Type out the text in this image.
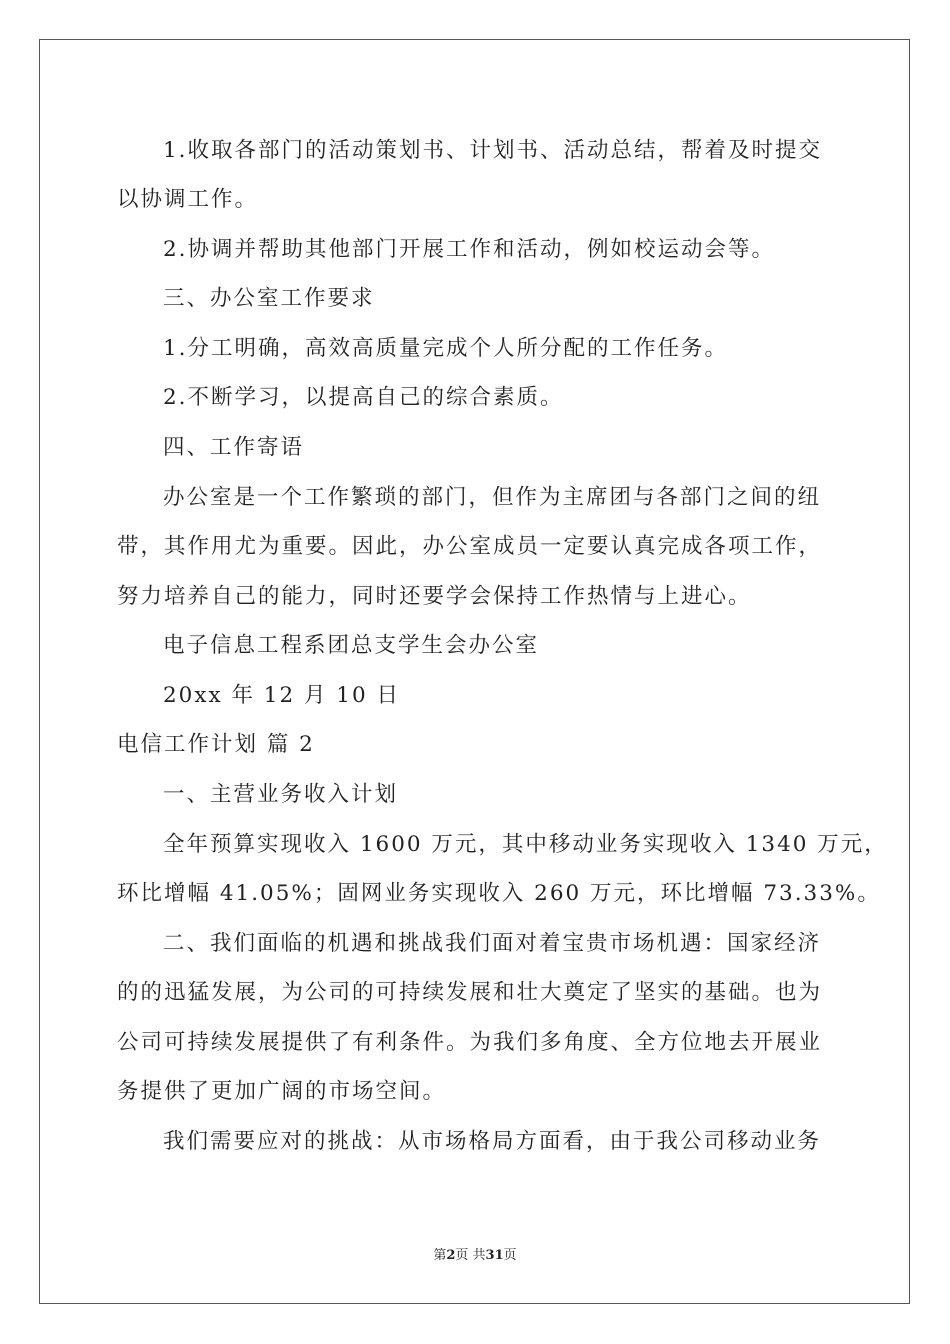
1.收取各部门的活动策划书、计划书、活动总结，帮着及时提交
以协调工作。
2.协调并帮助其他部门开展工作和活动，例如校运动会等。
三、办公室工作要求
1.分工明确，高效高质量完成个人所分配的工作任务。
2.不断学习，以提高自己的综合素质。
四、工作寄语
办公室是一个工作繁琐的部门，但作为主席团与各部门之间的纽
带，其作用尤为重要。因此，办公室成员一定要认真完成各项工作，
努力培养自己的能力，同时还要学会保持工作热情与上进心。
电子信息工程系团总支学生会办公室
20xx 年 12 月 10 日
电信工作计划 篇 2
一、主营业务收入计划
全年预算实现收入 1600 万元，其中移动业务实现收入 1340 万元，
环比增幅 41.05%；固网业务实现收入 260 万元，环比增幅 73.33%。
二、我们面临的机遇和挑战我们面对着宝贵市场机遇：国家经济
的的迅猛发展，为公司的可持续发展和壮大奠定了坚实的基础。也为
公司可持续发展提供了有利条件。为我们多角度、全方位地去开展业
务提供了更加广阔的市场空间。
我们需要应对的挑战：从市场格局方面看，由于我公司移动业务
第2页 共31页
